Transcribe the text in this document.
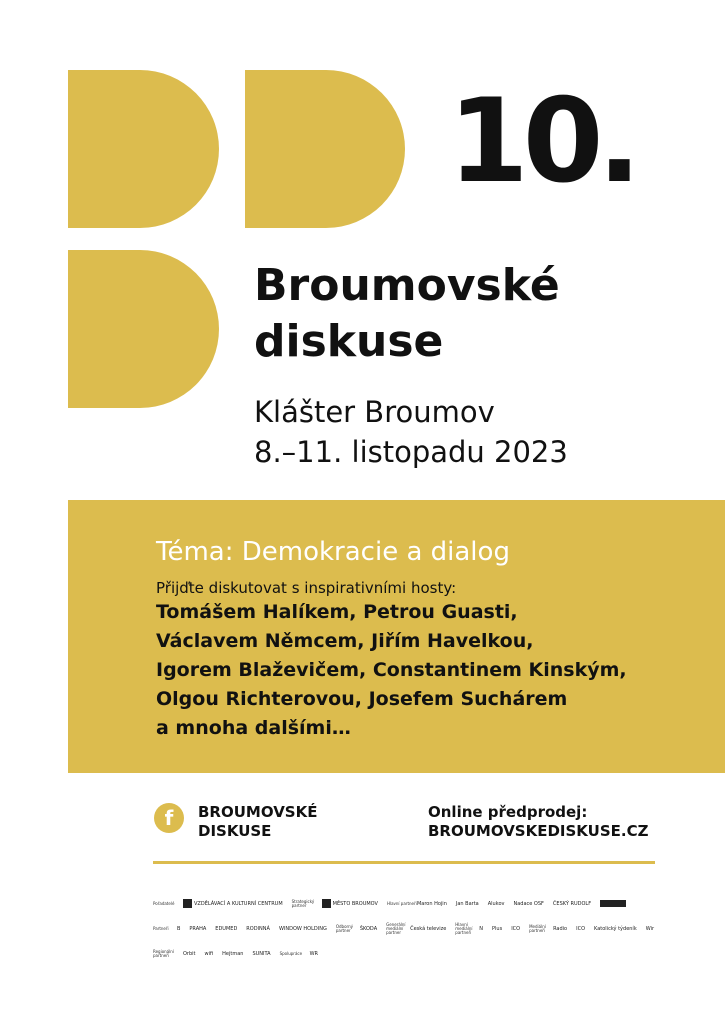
10.
Broumovské
diskuse
Klášter Broumov
8.–11. listopadu 2023
Téma: Demokracie a dialog
Přijďte diskutovat s inspirativními hosty:
Tomášem Halíkem, Petrou Guasti,
Václavem Němcem, Jiřím Havelkou,
Igorem Blaževičem, Constantinem Kinským,
Olgou Richterovou, Josefem Suchárem
a mnoha dalšími…
f	BROUMOVSKÉ
DISKUSE
Online předprodej:
BROUMOVSKEDISKUSE.CZ
Pořadatelé	VZDĚLÁVACÍ A KULTURNÍ CENTRUM Strategický partner	MĚSTO BROUMOV Hlavní partneři Maron Hojin Jan Barta Alukov Nadace OSF ČESKÝ RUDOLF
Partneři	B PRAHA EDUMED RODINNÁ WINDOW HOLDING Odborný partner	ŠKODA
Generální mediální partner
Česká televize
Hlavní mediální partneři
N Plus ICO Mediální partneři	Radio ICO Katolický týdeník Wir
Regionální partneři	Orbit wifi Hejtman SUNITA Spolupráce	WR
